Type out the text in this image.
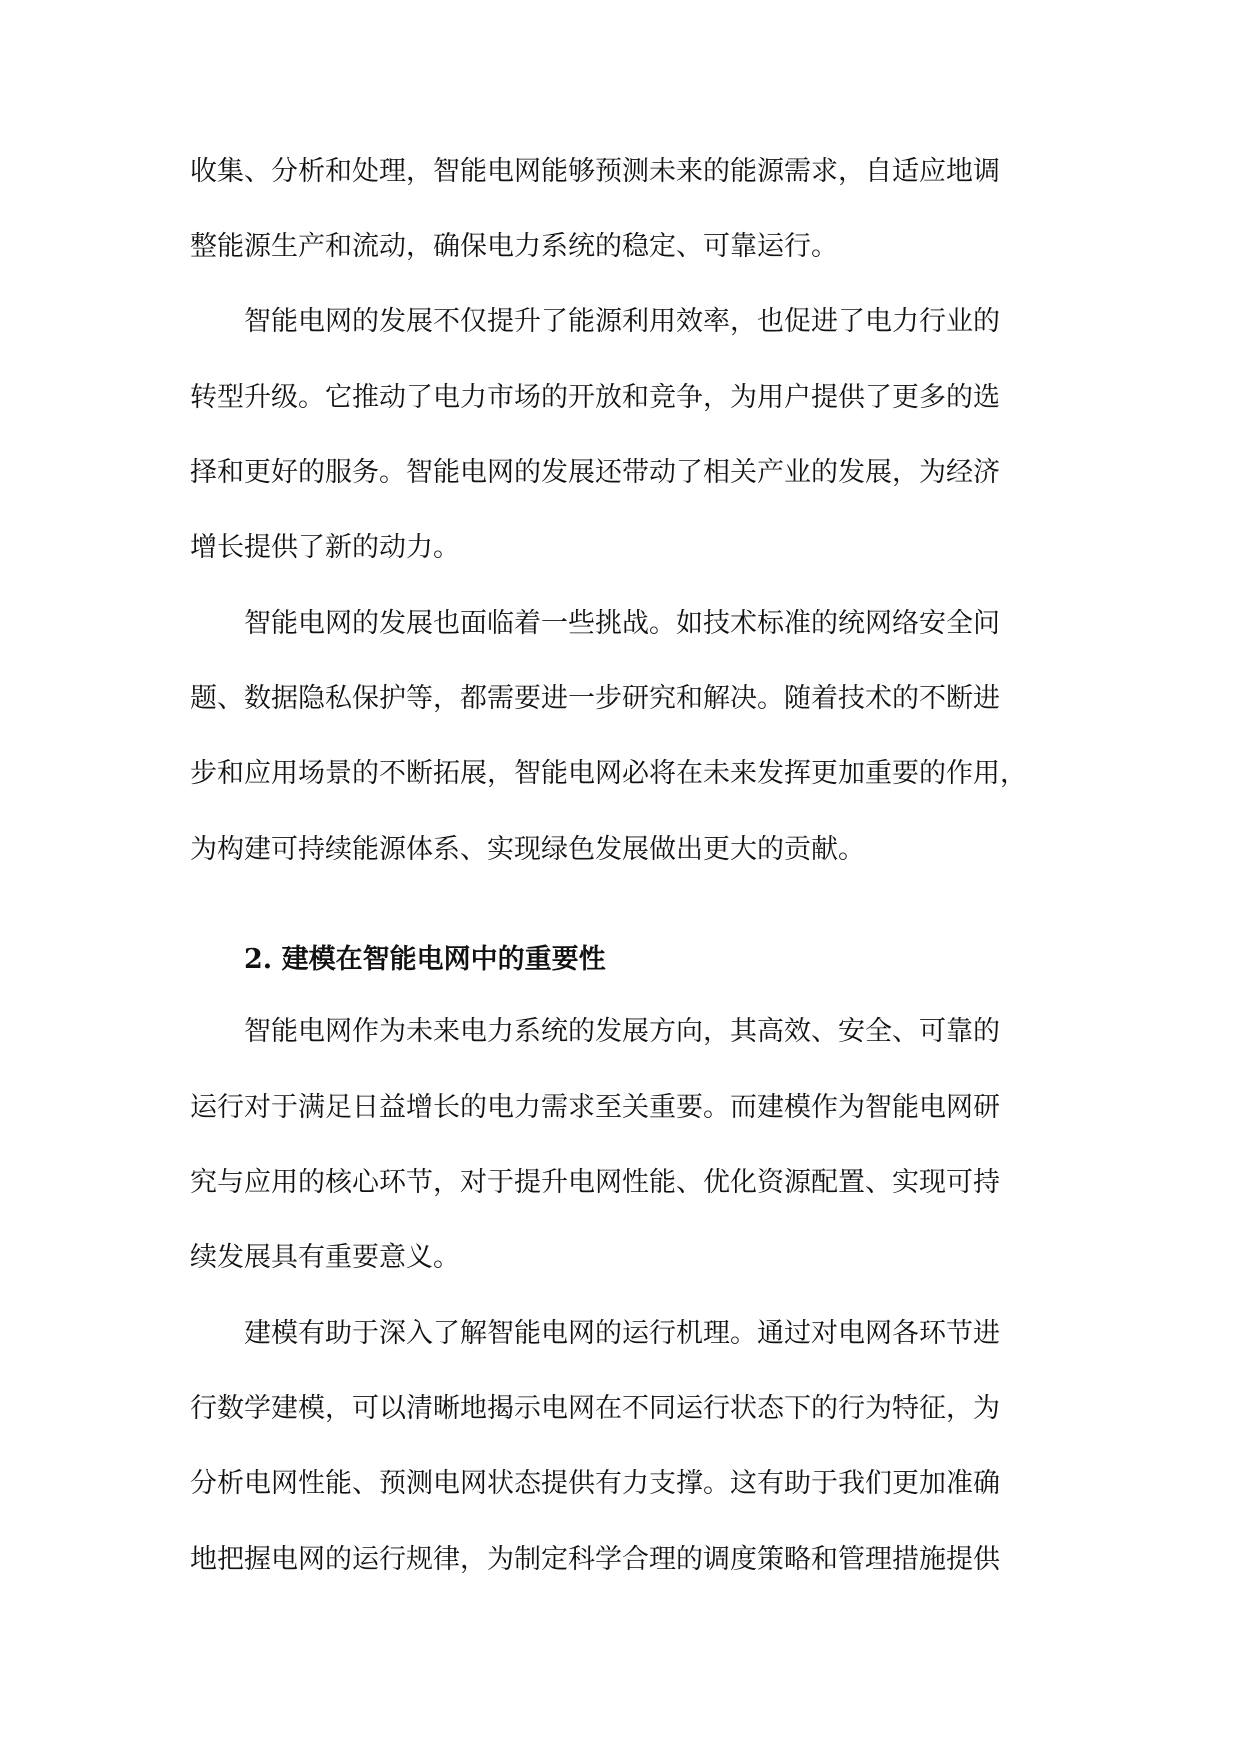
收集、分析和处理，智能电网能够预测未来的能源需求，自适应地调
整能源生产和流动，确保电力系统的稳定、可靠运行。
智能电网的发展不仅提升了能源利用效率，也促进了电力行业的
转型升级。它推动了电力市场的开放和竞争，为用户提供了更多的选
择和更好的服务。智能电网的发展还带动了相关产业的发展，为经济
增长提供了新的动力。
智能电网的发展也面临着一些挑战。如技术标准的统网络安全问
题、数据隐私保护等，都需要进一步研究和解决。随着技术的不断进
步和应用场景的不断拓展，智能电网必将在未来发挥更加重要的作用，
为构建可持续能源体系、实现绿色发展做出更大的贡献。
2. 建模在智能电网中的重要性
智能电网作为未来电力系统的发展方向，其高效、安全、可靠的
运行对于满足日益增长的电力需求至关重要。而建模作为智能电网研
究与应用的核心环节，对于提升电网性能、优化资源配置、实现可持
续发展具有重要意义。
建模有助于深入了解智能电网的运行机理。通过对电网各环节进
行数学建模，可以清晰地揭示电网在不同运行状态下的行为特征，为
分析电网性能、预测电网状态提供有力支撑。这有助于我们更加准确
地把握电网的运行规律，为制定科学合理的调度策略和管理措施提供
